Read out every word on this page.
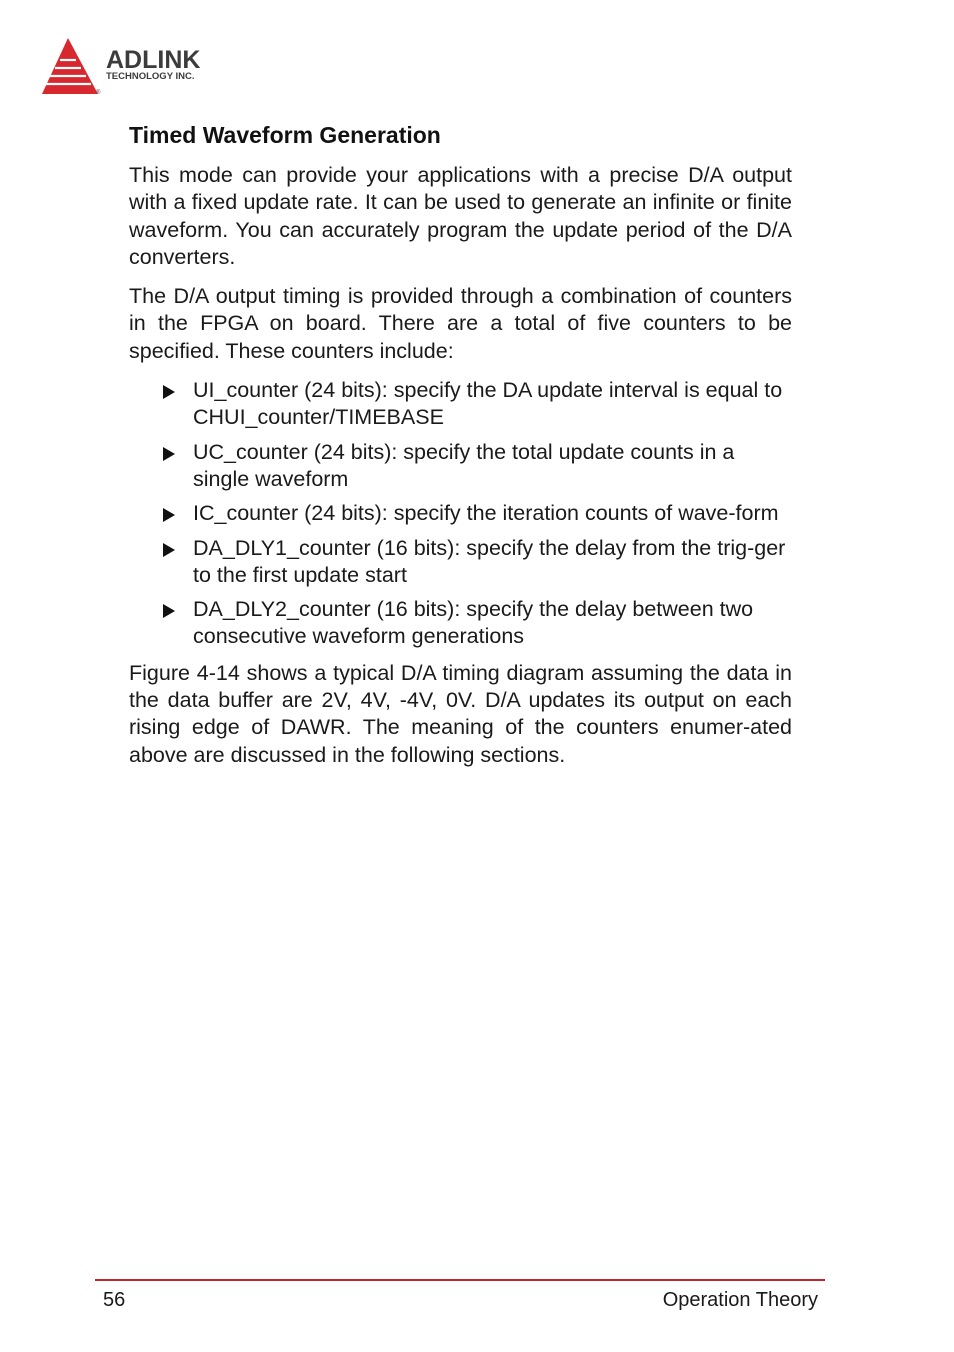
ADLINK
TECHNOLOGY INC.
®
Timed Waveform Generation

This mode can provide your applications with a precise D/A output with a fixed update rate. It can be used to generate an infinite or finite waveform. You can accurately program the update period of the D/A converters.

The D/A output timing is provided through a combination of counters in the FPGA on board. There are a total of five counters to be specified. These counters include:

UI_counter (24 bits): specify the DA update interval is equal to CHUI_counter/TIMEBASE
UC_counter (24 bits): specify the total update counts in a single waveform
IC_counter (24 bits): specify the iteration counts of wave-form
DA_DLY1_counter (16 bits): specify the delay from the trig-ger to the first update start
DA_DLY2_counter (16 bits): specify the delay between two consecutive waveform generations

Figure 4-14 shows a typical D/A timing diagram assuming the data in the data buffer are 2V, 4V, -4V, 0V. D/A updates its output on each rising edge of DAWR. The meaning of the counters enumer-ated above are discussed in the following sections.

56	Operation Theory
